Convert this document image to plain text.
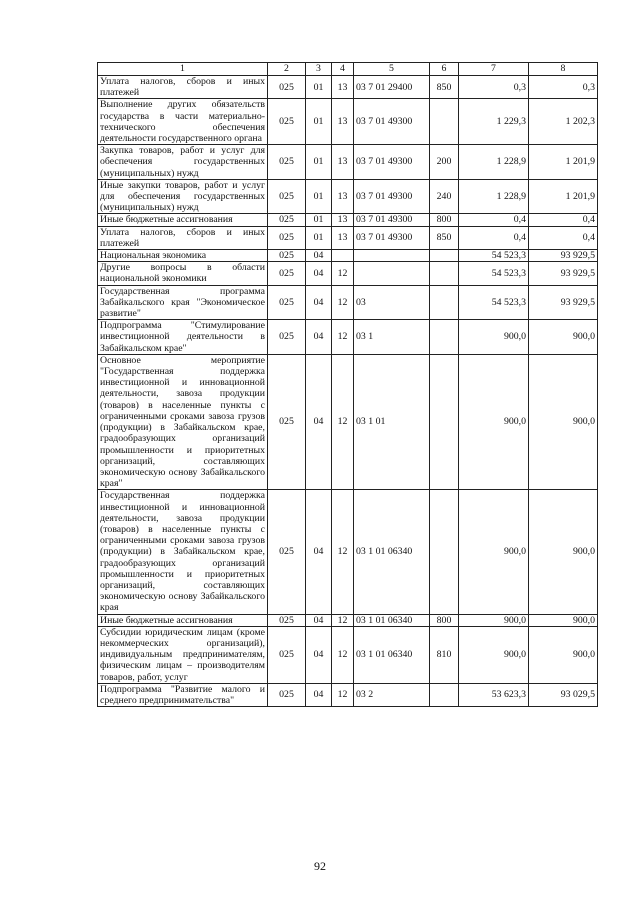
1	2	3	4	5	6	7	8
Уплата налогов, сборов и иных платежей	025	01	13	03 7 01 29400	850	0,3	0,3
Выполнение других обязательств государства в части материально-технического обеспечения деятельности государственного органа	025	01	13	03 7 01 49300		1 229,3	1 202,3
Закупка товаров, работ и услуг для обеспечения государственных (муниципальных) нужд	025	01	13	03 7 01 49300	200	1 228,9	1 201,9
Иные закупки товаров, работ и услуг для обеспечения государственных (муниципальных) нужд	025	01	13	03 7 01 49300	240	1 228,9	1 201,9
Иные бюджетные ассигнования	025	01	13	03 7 01 49300	800	0,4	0,4
Уплата налогов, сборов и иных платежей	025	01	13	03 7 01 49300	850	0,4	0,4
Национальная экономика	025	04				54 523,3	93 929,5
Другие вопросы в области национальной экономики	025	04	12			54 523,3	93 929,5
Государственная программа Забайкальского края "Экономическое развитие"	025	04	12	03		54 523,3	93 929,5
Подпрограмма "Стимулирование инвестиционной деятельности в Забайкальском крае"	025	04	12	03 1		900,0	900,0
Основное мероприятие "Государственная поддержка инвестиционной и инновационной деятельности, завоза продукции (товаров) в населенные пункты с ограниченными сроками завоза грузов (продукции) в Забайкальском крае, градообразующих организаций промышленности и приоритетных организаций, составляющих экономическую основу Забайкальского края"	025	04	12	03 1 01		900,0	900,0
Государственная поддержка инвестиционной и инновационной деятельности, завоза продукции (товаров) в населенные пункты с ограниченными сроками завоза грузов (продукции) в Забайкальском крае, градообразующих организаций промышленности и приоритетных организаций, составляющих экономическую основу Забайкальского края	025	04	12	03 1 01 06340		900,0	900,0
Иные бюджетные ассигнования	025	04	12	03 1 01 06340	800	900,0	900,0
Субсидии юридическим лицам (кроме некоммерческих организаций), индивидуальным предпринимателям, физическим лицам – производителям товаров, работ, услуг	025	04	12	03 1 01 06340	810	900,0	900,0
Подпрограмма "Развитие малого и среднего предпринимательства"	025	04	12	03 2		53 623,3	93 029,5
92
